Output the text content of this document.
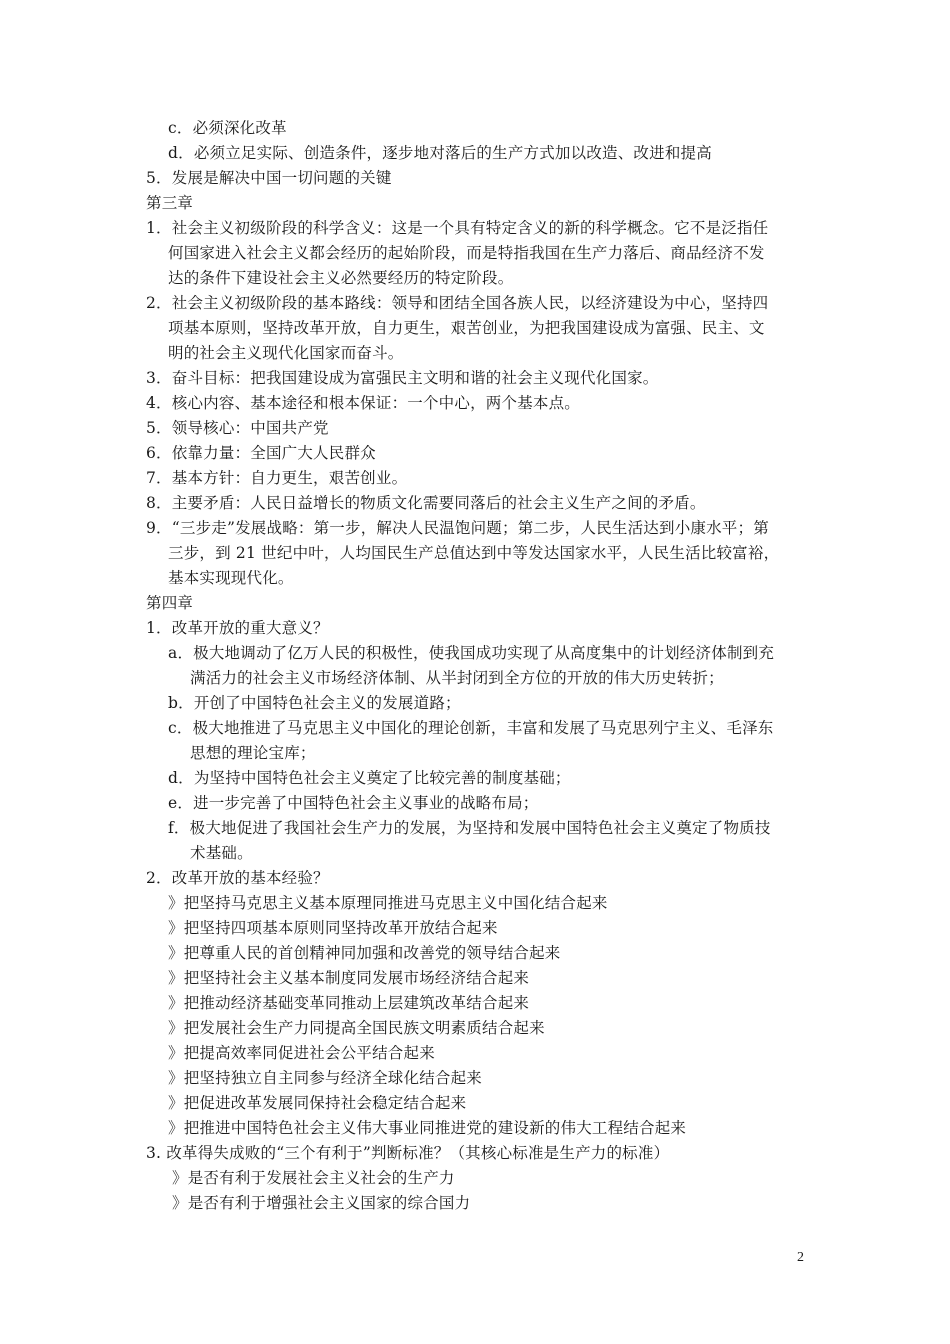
c．必须深化改革
d．必须立足实际、创造条件，逐步地对落后的生产方式加以改造、改进和提高
5．发展是解决中国一切问题的关键
第三章
1．社会主义初级阶段的科学含义：这是一个具有特定含义的新的科学概念。它不是泛指任
何国家进入社会主义都会经历的起始阶段，而是特指我国在生产力落后、商品经济不发
达的条件下建设社会主义必然要经历的特定阶段。
2．社会主义初级阶段的基本路线：领导和团结全国各族人民，以经济建设为中心，坚持四
项基本原则，坚持改革开放，自力更生，艰苦创业，为把我国建设成为富强、民主、文
明的社会主义现代化国家而奋斗。
3．奋斗目标：把我国建设成为富强民主文明和谐的社会主义现代化国家。
4．核心内容、基本途径和根本保证：一个中心，两个基本点。
5．领导核心：中国共产党
6．依靠力量：全国广大人民群众
7．基本方针：自力更生，艰苦创业。
8．主要矛盾：人民日益增长的物质文化需要同落后的社会主义生产之间的矛盾。
9．“三步走”发展战略：第一步，解决人民温饱问题；第二步，人民生活达到小康水平；第
三步，到 21 世纪中叶，人均国民生产总值达到中等发达国家水平，人民生活比较富裕，
基本实现现代化。
第四章
1．改革开放的重大意义？
a．极大地调动了亿万人民的积极性，使我国成功实现了从高度集中的计划经济体制到充
满活力的社会主义市场经济体制、从半封闭到全方位的开放的伟大历史转折；
b．开创了中国特色社会主义的发展道路；
c．极大地推进了马克思主义中国化的理论创新，丰富和发展了马克思列宁主义、毛泽东
思想的理论宝库；
d．为坚持中国特色社会主义奠定了比较完善的制度基础；
e．进一步完善了中国特色社会主义事业的战略布局；
f．极大地促进了我国社会生产力的发展，为坚持和发展中国特色社会主义奠定了物质技
术基础。
2．改革开放的基本经验？
》把坚持马克思主义基本原理同推进马克思主义中国化结合起来
》把坚持四项基本原则同坚持改革开放结合起来
》把尊重人民的首创精神同加强和改善党的领导结合起来
》把坚持社会主义基本制度同发展市场经济结合起来
》把推动经济基础变革同推动上层建筑改革结合起来
》把发展社会生产力同提高全国民族文明素质结合起来
》把提高效率同促进社会公平结合起来
》把坚持独立自主同参与经济全球化结合起来
》把促进改革发展同保持社会稳定结合起来
》把推进中国特色社会主义伟大事业同推进党的建设新的伟大工程结合起来
3. 改革得失成败的“三个有利于”判断标准？（其核心标准是生产力的标准）
》是否有利于发展社会主义社会的生产力
》是否有利于增强社会主义国家的综合国力
2
